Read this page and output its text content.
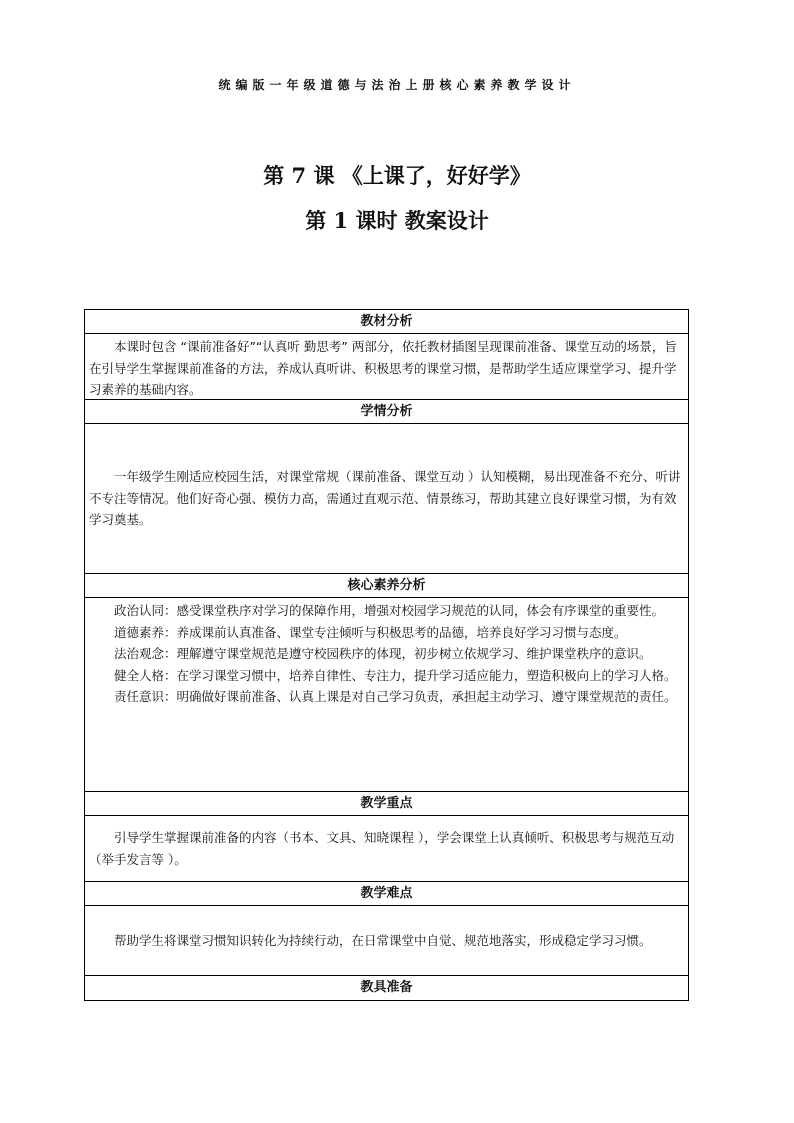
统编版一年级道德与法治上册核心素养教学设计
第 7 课 《上课了，好好学》
第 1 课时 教案设计
教材分析

本课时包含 “课前准备好”“认真听 勤思考” 两部分，依托教材插图呈现课前准备、课堂互动的场景，旨在引导学生掌握课前准备的方法，养成认真听讲、积极思考的课堂习惯，是帮助学生适应课堂学习、提升学习素养的基础内容。

学情分析

一年级学生刚适应校园生活，对课堂常规（课前准备、课堂互动 ）认知模糊，易出现准备不充分、听讲不专注等情况。他们好奇心强、模仿力高，需通过直观示范、情景练习，帮助其建立良好课堂习惯，为有效学习奠基。

核心素养分析

政治认同：感受课堂秩序对学习的保障作用，增强对校园学习规范的认同，体会有序课堂的重要性。

道德素养：养成课前认真准备、课堂专注倾听与积极思考的品德，培养良好学习习惯与态度。

法治观念：理解遵守课堂规范是遵守校园秩序的体现，初步树立依规学习、维护课堂秩序的意识。

健全人格：在学习课堂习惯中，培养自律性、专注力，提升学习适应能力，塑造积极向上的学习人格。

责任意识：明确做好课前准备、认真上课是对自己学习负责，承担起主动学习、遵守课堂规范的责任。

教学重点

引导学生掌握课前准备的内容（书本、文具、知晓课程 ），学会课堂上认真倾听、积极思考与规范互动（举手发言等 ）。

教学难点

帮助学生将课堂习惯知识转化为持续行动，在日常课堂中自觉、规范地落实，形成稳定学习习惯。

教具准备
